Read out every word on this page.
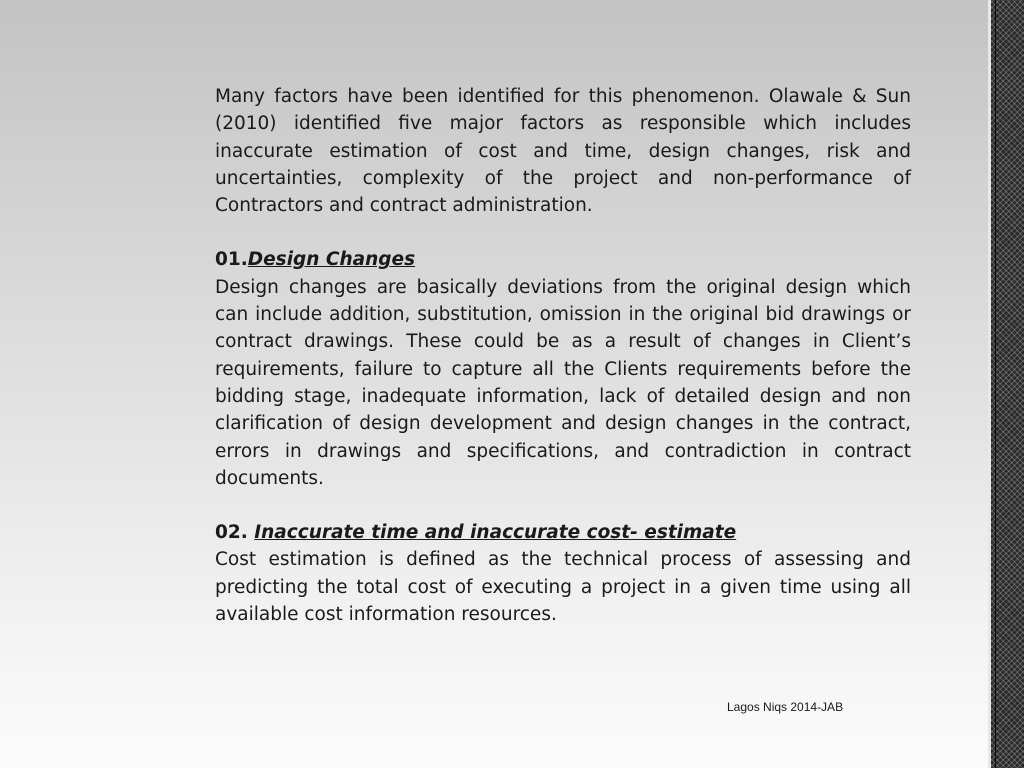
Many factors have been identified for this phenomenon. Olawale & Sun (2010) identified five major factors as responsible which includes inaccurate estimation of cost and time, design changes, risk and uncertainties, complexity of the project and non-performance of Contractors and contract administration.

01.Design Changes

Design changes are basically deviations from the original design which can include addition, substitution, omission in the original bid drawings or contract drawings. These could be as a result of changes in Client’s requirements, failure to capture all the Clients requirements before the bidding stage, inadequate information, lack of detailed design and non clarification of design development and design changes in the contract, errors in drawings and specifications, and contradiction in contract documents.

02. Inaccurate time and inaccurate cost- estimate

Cost estimation is defined as the technical process of assessing and predicting the total cost of executing a project in a given time using all available cost information resources.

Lagos Niqs 2014-JAB
